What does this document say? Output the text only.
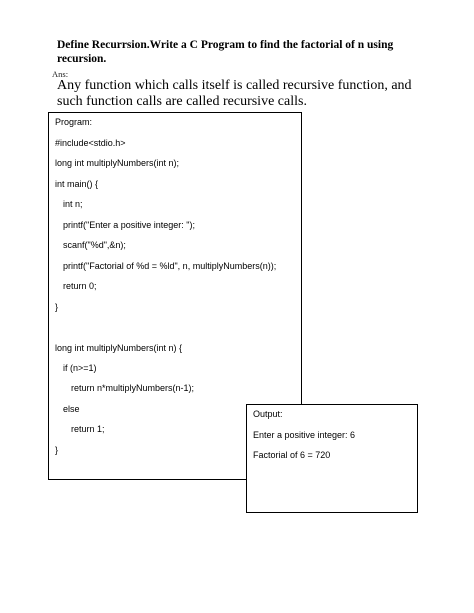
Define Recurrsion.Write a C Program to find the factorial of n using recursion.
Ans:
Any function which calls itself is called recursive function, and such function calls are called recursive calls.
Program:
#include<stdio.h>
long int multiplyNumbers(int n);
int main() {
int n;
printf("Enter a positive integer: ");
scanf("%d",&n);
printf("Factorial of %d = %ld", n, multiplyNumbers(n));
return 0;
}
long int multiplyNumbers(int n) {
if (n>=1)
return n*multiplyNumbers(n-1);
else
return 1;
}
Output:
Enter a positive integer: 6
Factorial of 6 = 720
